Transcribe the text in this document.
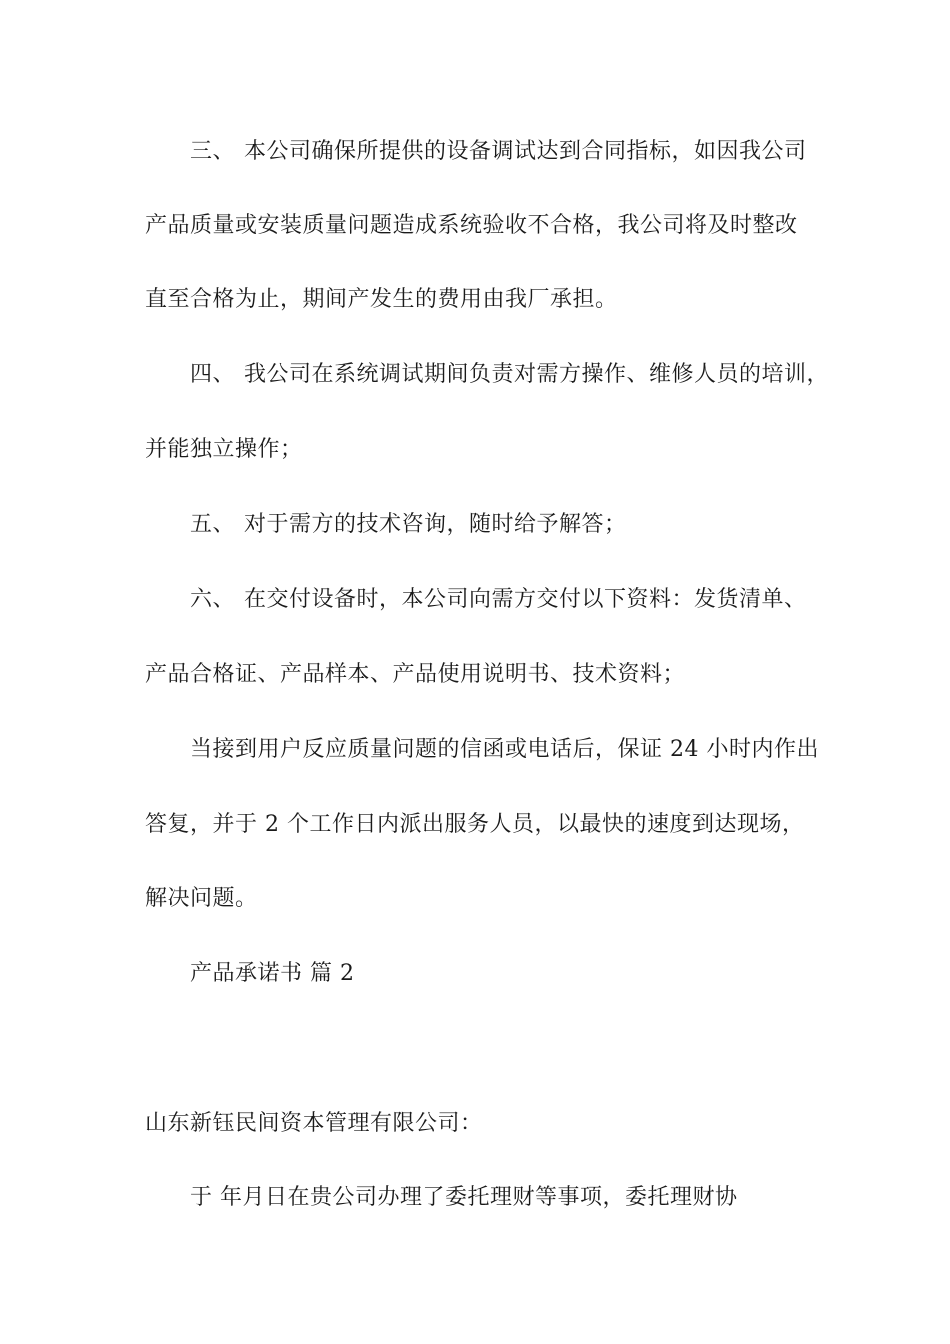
三、 本公司确保所提供的设备调试达到合同指标，如因我公司
产品质量或安装质量问题造成系统验收不合格，我公司将及时整改
直至合格为止，期间产发生的费用由我厂承担。
四、 我公司在系统调试期间负责对需方操作、维修人员的培训，
并能独立操作；
五、 对于需方的技术咨询，随时给予解答；
六、 在交付设备时，本公司向需方交付以下资料：发货清单、
产品合格证、产品样本、产品使用说明书、技术资料；
当接到用户反应质量问题的信函或电话后，保证 24 小时内作出
答复，并于 2 个工作日内派出服务人员，以最快的速度到达现场，
解决问题。
产品承诺书 篇 2
山东新钰民间资本管理有限公司：
于 年月日在贵公司办理了委托理财等事项，委托理财协
